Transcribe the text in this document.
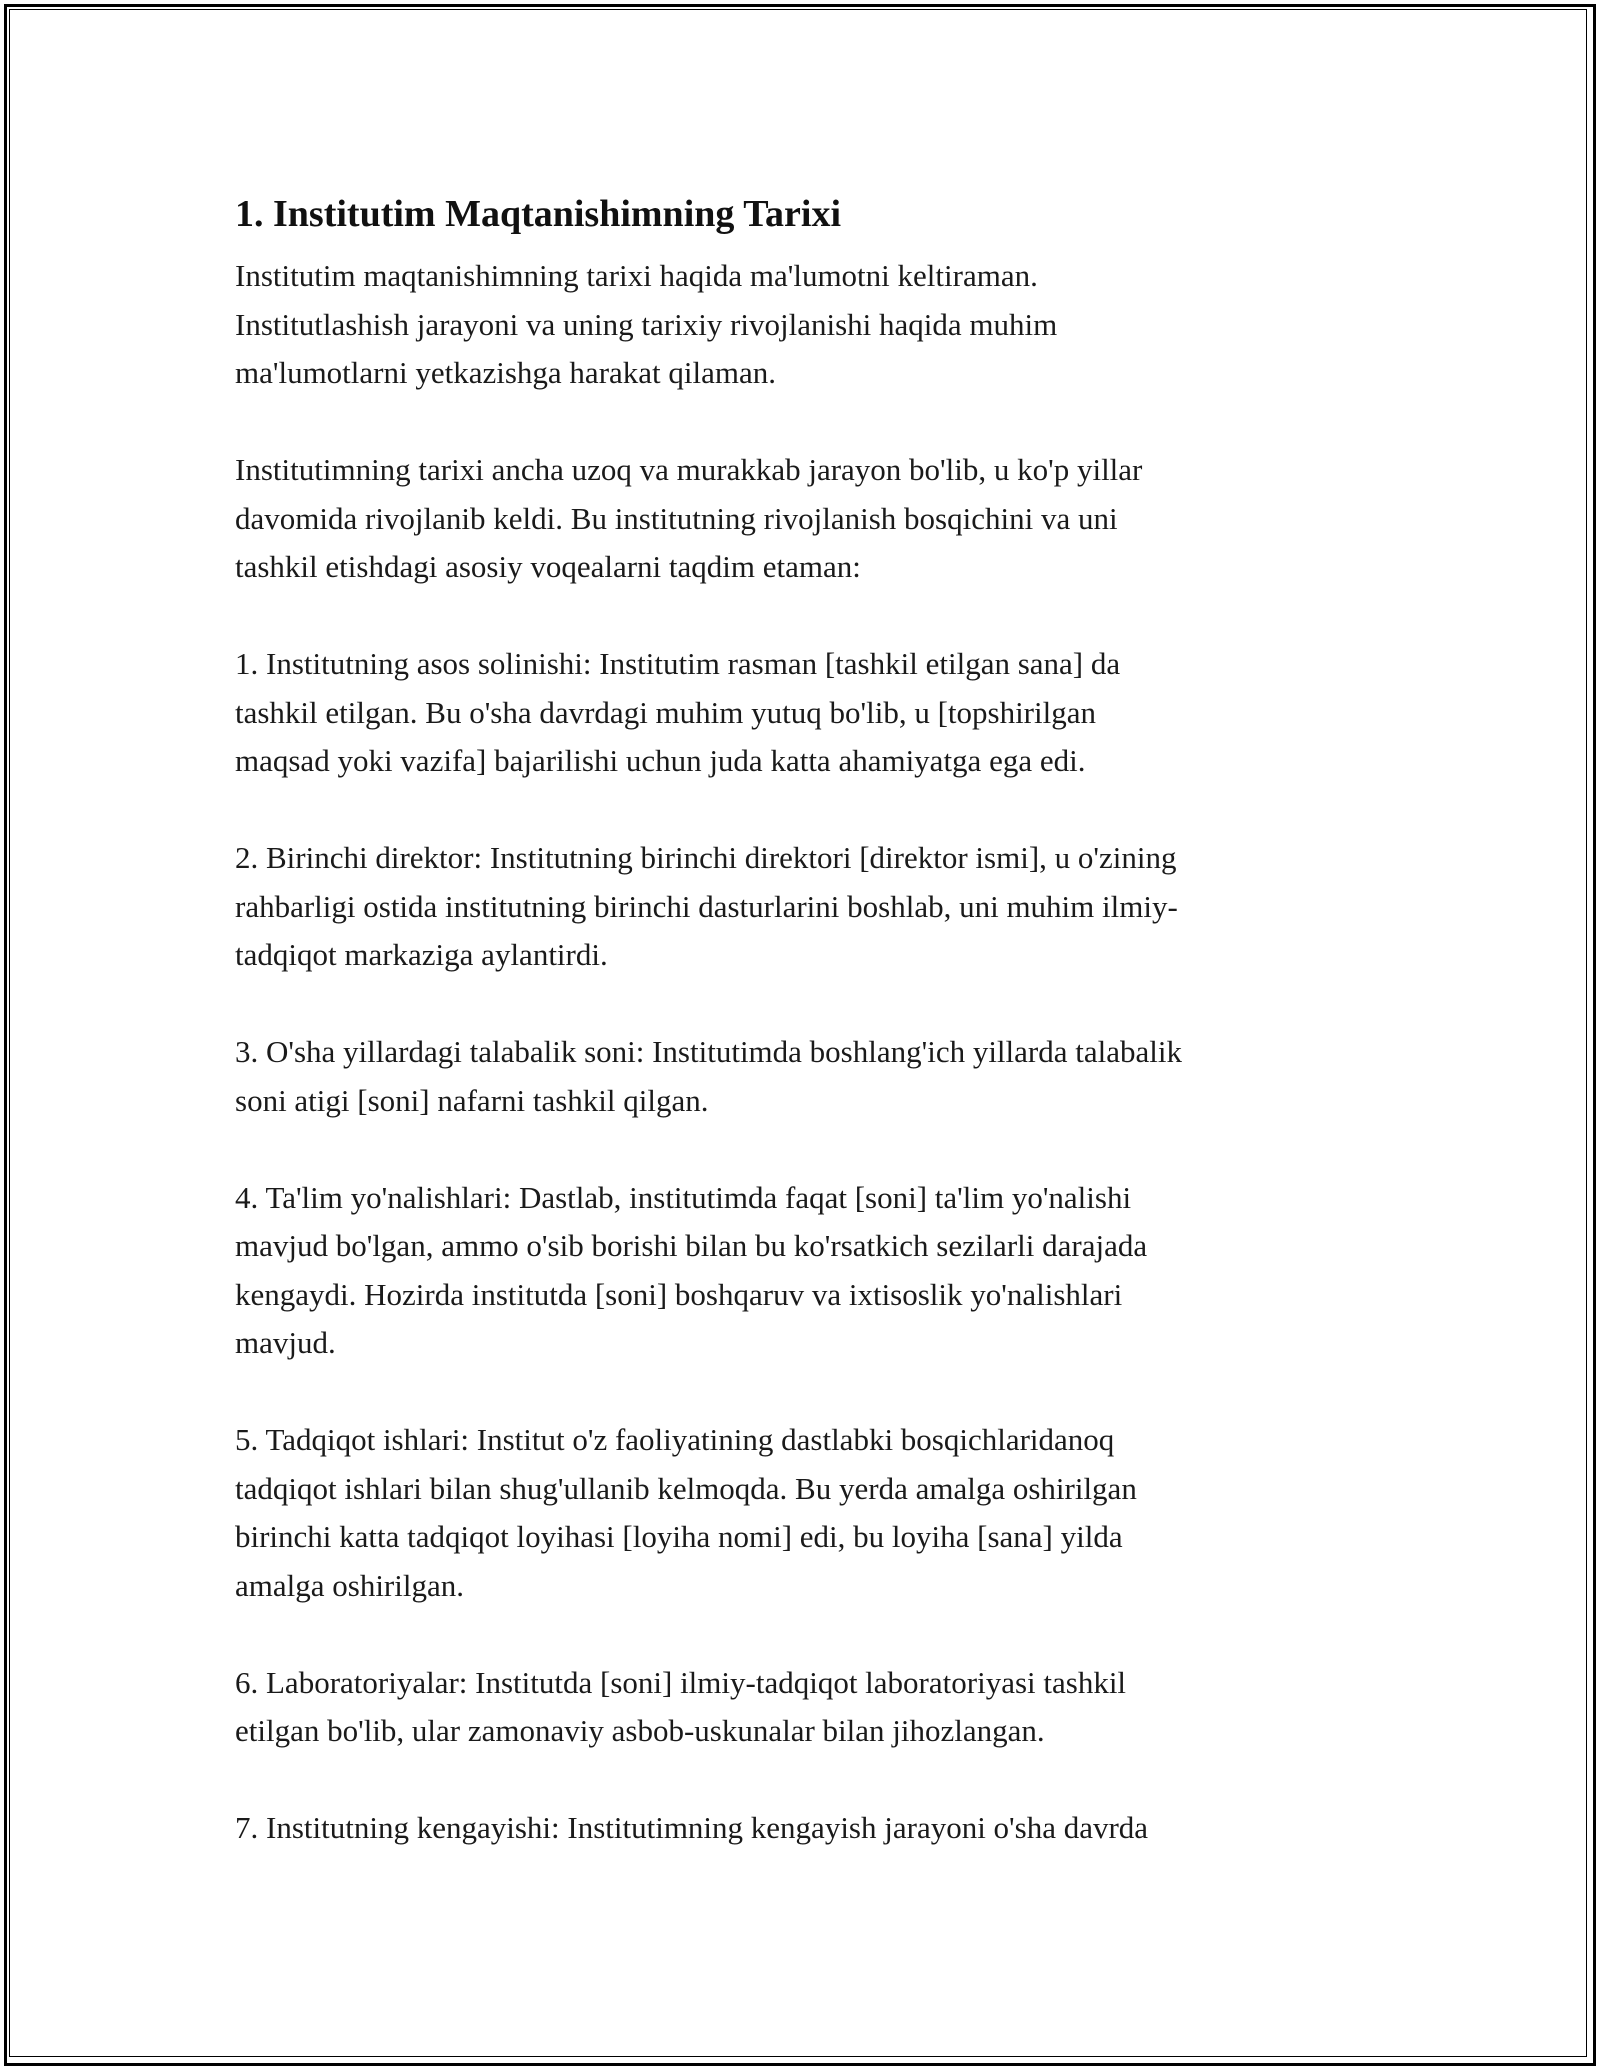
1. Institutim Maqtanishimning Tarixi

Institutim maqtanishimning tarixi haqida ma'lumotni keltiraman.
Institutlashish jarayoni va uning tarixiy rivojlanishi haqida muhim
ma'lumotlarni yetkazishga harakat qilaman.

Institutimning tarixi ancha uzoq va murakkab jarayon bo'lib, u ko'p yillar
davomida rivojlanib keldi. Bu institutning rivojlanish bosqichini va uni
tashkil etishdagi asosiy voqealarni taqdim etaman:

1. Institutning asos solinishi: Institutim rasman [tashkil etilgan sana] da
tashkil etilgan. Bu o'sha davrdagi muhim yutuq bo'lib, u [topshirilgan
maqsad yoki vazifa] bajarilishi uchun juda katta ahamiyatga ega edi.

2. Birinchi direktor: Institutning birinchi direktori [direktor ismi], u o'zining
rahbarligi ostida institutning birinchi dasturlarini boshlab, uni muhim ilmiy-
tadqiqot markaziga aylantirdi.

3. O'sha yillardagi talabalik soni: Institutimda boshlang'ich yillarda talabalik
soni atigi [soni] nafarni tashkil qilgan.

4. Ta'lim yo'nalishlari: Dastlab, institutimda faqat [soni] ta'lim yo'nalishi
mavjud bo'lgan, ammo o'sib borishi bilan bu ko'rsatkich sezilarli darajada
kengaydi. Hozirda institutda [soni] boshqaruv va ixtisoslik yo'nalishlari
mavjud.

5. Tadqiqot ishlari: Institut o'z faoliyatining dastlabki bosqichlaridanoq
tadqiqot ishlari bilan shug'ullanib kelmoqda. Bu yerda amalga oshirilgan
birinchi katta tadqiqot loyihasi [loyiha nomi] edi, bu loyiha [sana] yilda
amalga oshirilgan.

6. Laboratoriyalar: Institutda [soni] ilmiy-tadqiqot laboratoriyasi tashkil
etilgan bo'lib, ular zamonaviy asbob-uskunalar bilan jihozlangan.

7. Institutning kengayishi: Institutimning kengayish jarayoni o'sha davrda
